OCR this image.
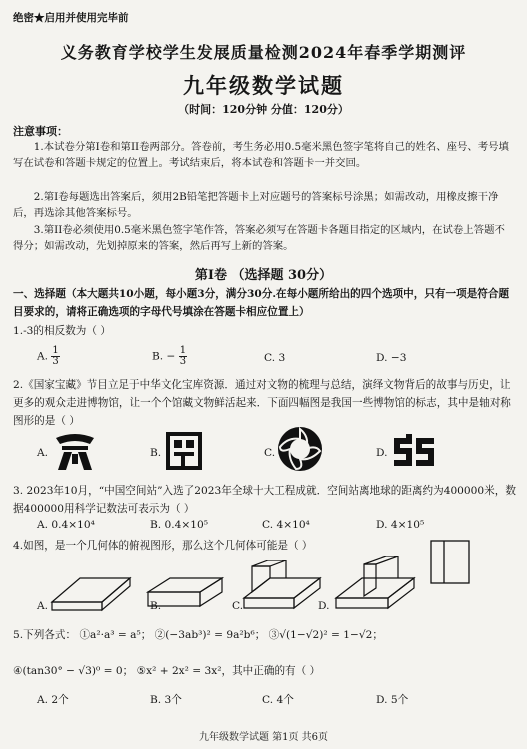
绝密★启用并使用完毕前
义务教育学校学生发展质量检测2024年春季学期测评
九年级数学试题
（时间：120分钟 分值：120分）
注意事项：
1.本试卷分第I卷和第II卷两部分。答卷前，考生务必用0.5毫米黑色签字笔将自己的姓名、座号、考号填写在试卷和答题卡规定的位置上。考试结束后，将本试卷和答题卡一并交回。
2.第I卷每题选出答案后，须用2B铅笔把答题卡上对应题号的答案标号涂黑；如需改动，用橡皮擦干净后，再选涂其他答案标号。
3.第II卷必须使用0.5毫米黑色签字笔作答，答案必须写在答题卡各题目指定的区域内，在试卷上答题不得分；如需改动，先划掉原来的答案，然后再写上新的答案。
第I卷 （选择题 30分）
一、选择题（本大题共10小题，每小题3分，满分30分.在每小题所给出的四个选项中，只有一项是符合题目要求的，请将正确选项的字母代号填涂在答题卡相应位置上）
1.-3的相反数为（ ）
A. $\frac{1}{3}$	B. − $\frac{1}{3}$	C. 3	D. −3
2.《国家宝藏》节目立足于中华文化宝库资源．通过对文物的梳理与总结，演绎文物背后的故事与历史，让更多的观众走进博物馆，让一个个馆藏文物鲜活起来．下面四幅图是我国一些博物馆的标志，其中是轴对称图形的是（ ）
A.	B.	C.	D.
3. 2023年10月，“中国空间站”入选了2023年全球十大工程成就．空间站离地球的距离约为400000米，数据400000用科学记数法可表示为（ ）
A. 0.4×10⁴	B. 0.4×10⁵	C. 4×10⁴	D. 4×10⁵
4.如图，是一个几何体的俯视图形，那么这个几何体可能是（ ）
A.	B.	C.	D.
5.下列各式： ①a²·a³ = a⁵； ②(−3ab³)² = 9a²b⁶； ③√(1−√2)² = 1−√2；
④(tan30° − √3)⁰ = 0； ⑤x² + 2x² = 3x²，其中正确的有（ ）
A. 2个	B. 3个	C. 4个	D. 5个
九年级数学试题 第1页 共6页
